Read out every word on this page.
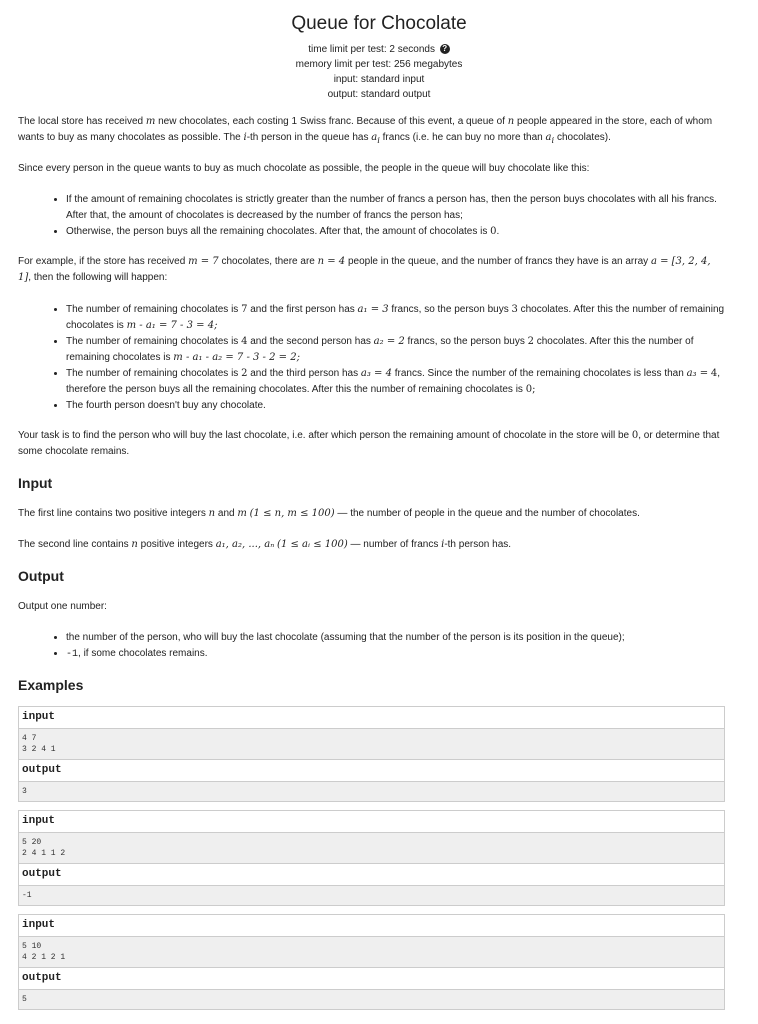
Queue for Chocolate
time limit per test: 2 seconds ?
memory limit per test: 256 megabytes
input: standard input
output: standard output
The local store has received m new chocolates, each costing 1 Swiss franc. Because of this event, a queue of n people appeared in the store, each of whom wants to buy as many chocolates as possible. The i-th person in the queue has $a_i$ francs (i.e. he can buy no more than $a_i$ chocolates).
Since every person in the queue wants to buy as much chocolate as possible, the people in the queue will buy chocolate like this:
• If the amount of remaining chocolates is strictly greater than the number of francs a person has, then the person buys chocolates with all his francs. After that, the amount of chocolates is decreased by the number of francs the person has;
• Otherwise, the person buys all the remaining chocolates. After that, the amount of chocolates is 0.
For example, if the store has received m = 7 chocolates, there are n = 4 people in the queue, and the number of francs they have is an array a = [3, 2, 4, 1], then the following will happen:
• The number of remaining chocolates is 7 and the first person has a₁ = 3 francs, so the person buys 3 chocolates. After this the number of remaining chocolates is m - a₁ = 7 - 3 = 4;
• The number of remaining chocolates is 4 and the second person has a₂ = 2 francs, so the person buys 2 chocolates. After this the number of remaining chocolates is m - a₁ - a₂ = 7 - 3 - 2 = 2;
• The number of remaining chocolates is 2 and the third person has a₃ = 4 francs. Since the number of the remaining chocolates is less than a₃ = 4, therefore the person buys all the remaining chocolates. After this the number of remaining chocolates is 0;
• The fourth person doesn't buy any chocolate.
Your task is to find the person who will buy the last chocolate, i.e. after which person the remaining amount of chocolate in the store will be 0, or determine that some chocolate remains.
Input
The first line contains two positive integers n and m (1 ≤ n, m ≤ 100) — the number of people in the queue and the number of chocolates.
The second line contains n positive integers a₁, a₂, ..., aₙ (1 ≤ aᵢ ≤ 100) — number of francs i-th person has.
Output
Output one number:
• the number of the person, who will buy the last chocolate (assuming that the number of the person is its position in the queue);
• -1, if some chocolates remains.
Examples
input
4 7
3 2 4 1
output
3
input
5 20
2 4 1 1 2
output
-1
input
5 10
4 2 1 2 1
output
5
